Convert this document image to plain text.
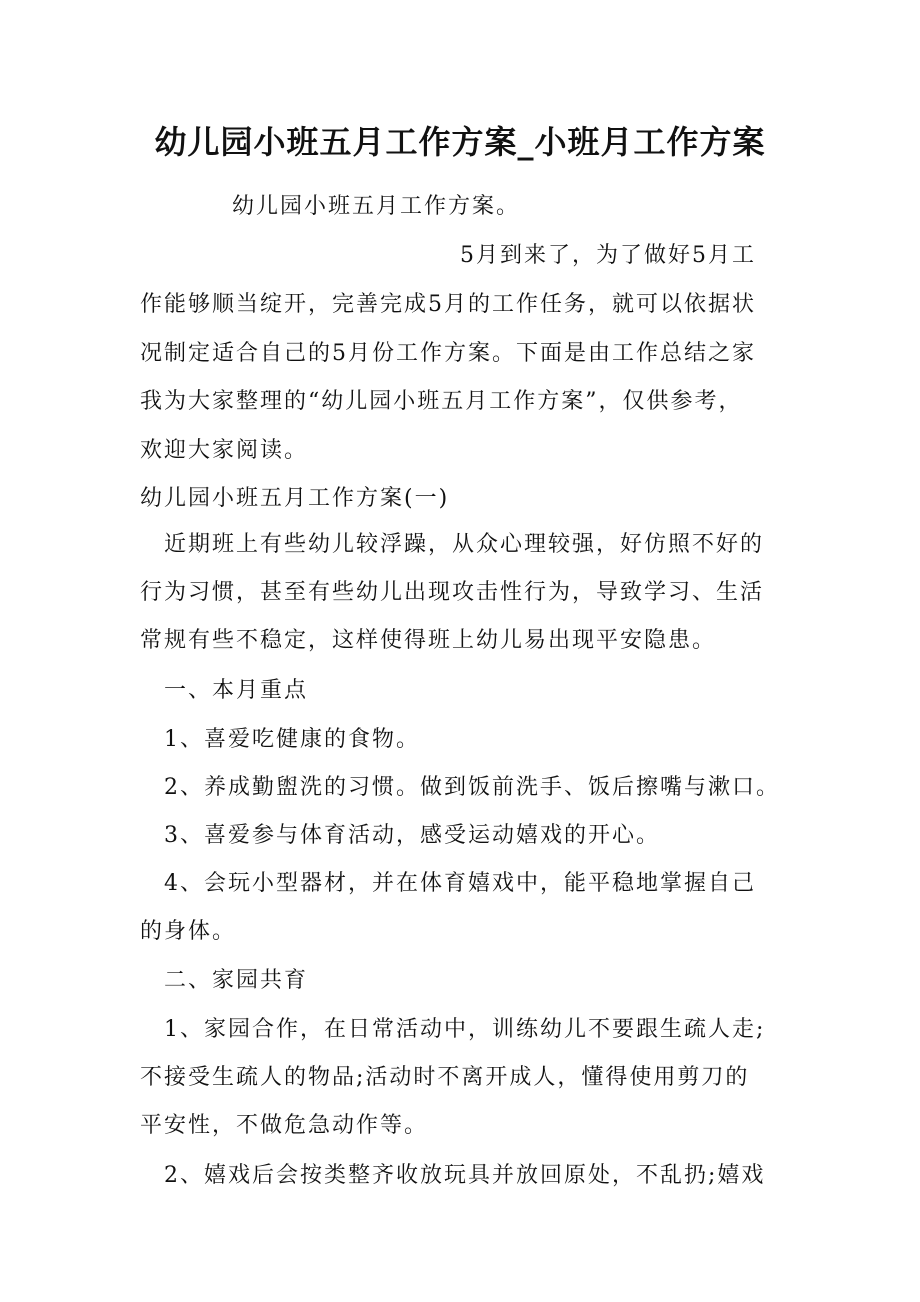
幼儿园小班五月工作方案_小班月工作方案

幼儿园小班五月工作方案。

5月到来了，为了做好5月工

作能够顺当绽开，完善完成5月的工作任务，就可以依据状

况制定适合自己的5月份工作方案。下面是由工作总结之家

我为大家整理的“幼儿园小班五月工作方案”，仅供参考，

欢迎大家阅读。

幼儿园小班五月工作方案(一)

近期班上有些幼儿较浮躁，从众心理较强，好仿照不好的

行为习惯，甚至有些幼儿出现攻击性行为，导致学习、生活

常规有些不稳定，这样使得班上幼儿易出现平安隐患。

一、本月重点

1、喜爱吃健康的食物。

2、养成勤盥洗的习惯。做到饭前洗手、饭后擦嘴与漱口。

3、喜爱参与体育活动，感受运动嬉戏的开心。

4、会玩小型器材，并在体育嬉戏中，能平稳地掌握自己

的身体。

二、家园共育

1、家园合作，在日常活动中，训练幼儿不要跟生疏人走;

不接受生疏人的物品;活动时不离开成人，懂得使用剪刀的

平安性，不做危急动作等。

2、嬉戏后会按类整齐收放玩具并放回原处，不乱扔;嬉戏
